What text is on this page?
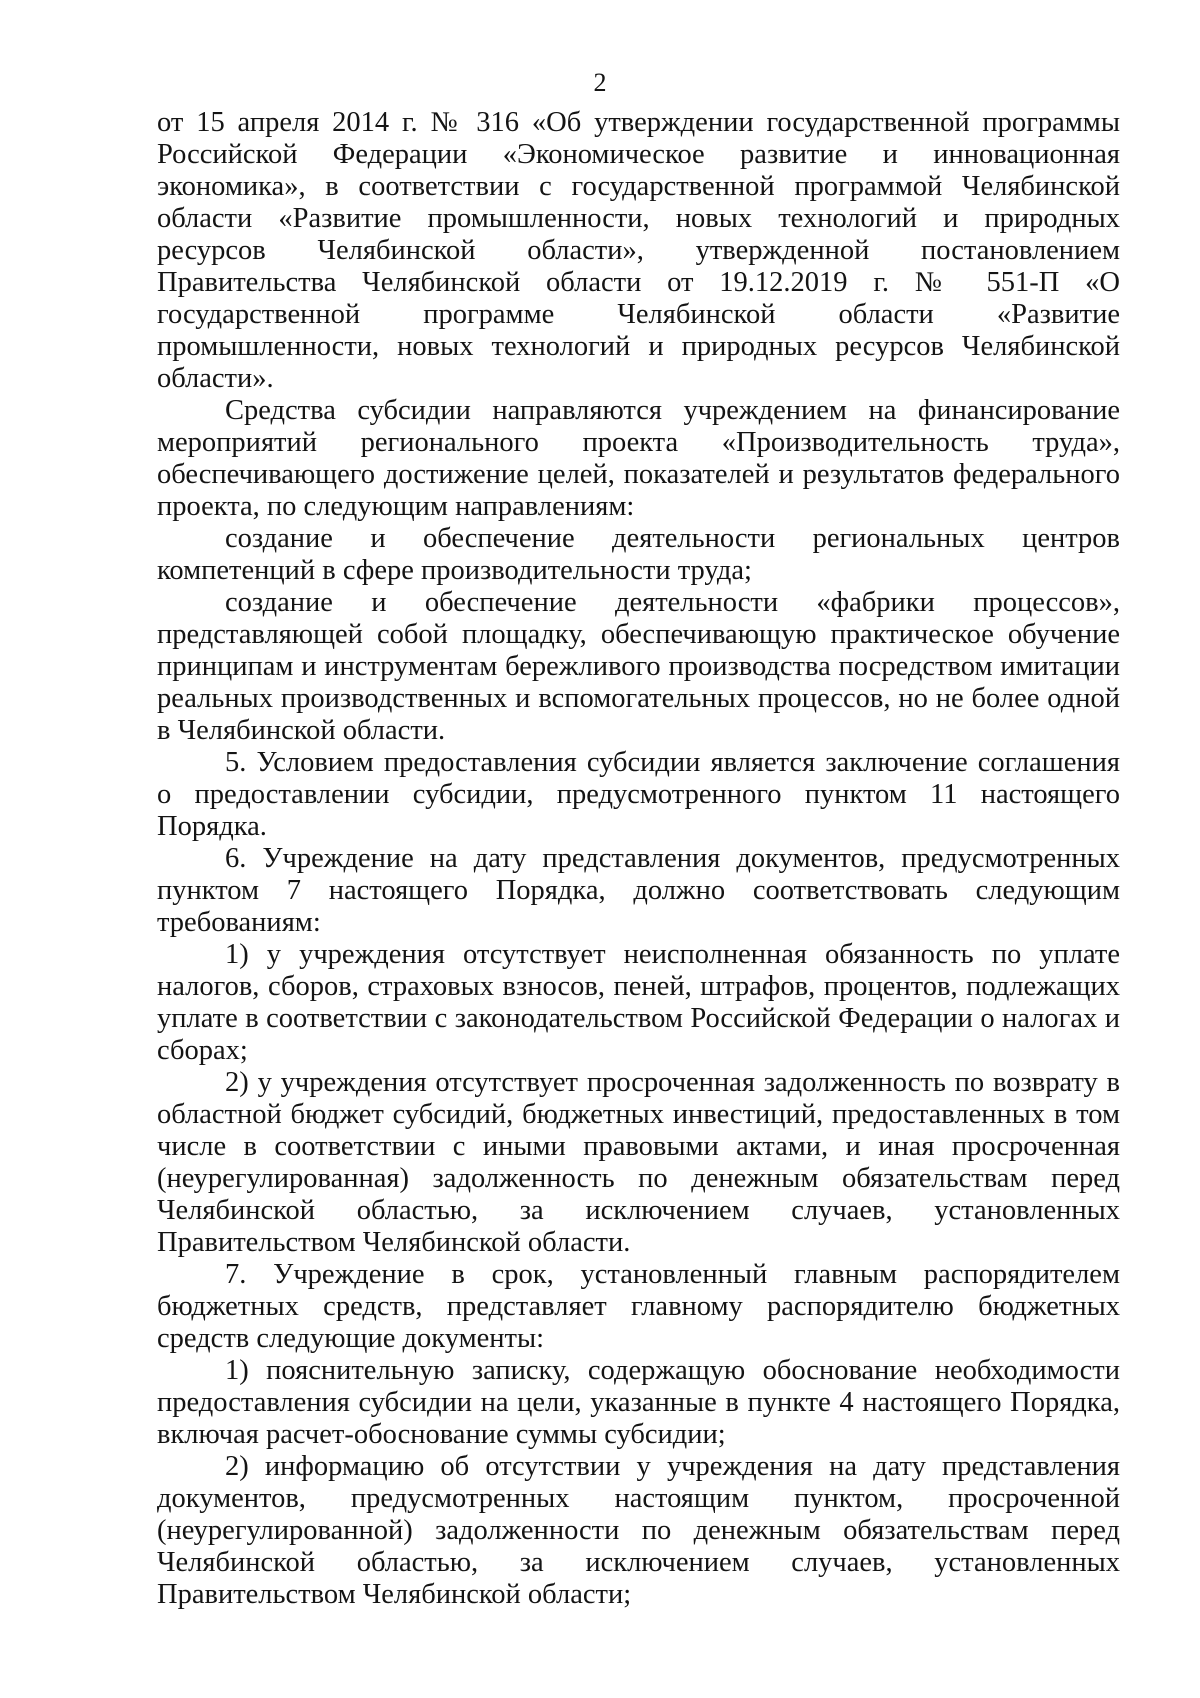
2

от 15 апреля 2014 г. № 316 «Об утверждении государственной программы Российской Федерации «Экономическое развитие и инновационная экономика», в соответствии с государственной программой Челябинской области «Развитие промышленности, новых технологий и природных ресурсов Челябинской области», утвержденной постановлением Правительства Челябинской области от 19.12.2019 г. № 551-П «О государственной программе Челябинской области «Развитие промышленности, новых технологий и природных ресурсов Челябинской области».

Средства субсидии направляются учреждением на финансирование мероприятий регионального проекта «Производительность труда», обеспечивающего достижение целей, показателей и результатов федерального проекта, по следующим направлениям:

создание и обеспечение деятельности региональных центров компетенций в сфере производительности труда;

создание и обеспечение деятельности «фабрики процессов», представляющей собой площадку, обеспечивающую практическое обучение принципам и инструментам бережливого производства посредством имитации реальных производственных и вспомогательных процессов, но не более одной в Челябинской области.

5. Условием предоставления субсидии является заключение соглашения о предоставлении субсидии, предусмотренного пунктом 11 настоящего Порядка.

6. Учреждение на дату представления документов, предусмотренных пунктом 7 настоящего Порядка, должно соответствовать следующим требованиям:

1) у учреждения отсутствует неисполненная обязанность по уплате налогов, сборов, страховых взносов, пеней, штрафов, процентов, подлежащих уплате в соответствии с законодательством Российской Федерации о налогах и сборах;

2) у учреждения отсутствует просроченная задолженность по возврату в областной бюджет субсидий, бюджетных инвестиций, предоставленных в том числе в соответствии с иными правовыми актами, и иная просроченная (неурегулированная) задолженность по денежным обязательствам перед Челябинской областью, за исключением случаев, установленных Правительством Челябинской области.

7. Учреждение в срок, установленный главным распорядителем бюджетных средств, представляет главному распорядителю бюджетных средств следующие документы:

1) пояснительную записку, содержащую обоснование необходимости предоставления субсидии на цели, указанные в пункте 4 настоящего Порядка, включая расчет-обоснование суммы субсидии;

2) информацию об отсутствии у учреждения на дату представления документов, предусмотренных настоящим пунктом, просроченной (неурегулированной) задолженности по денежным обязательствам перед Челябинской областью, за исключением случаев, установленных Правительством Челябинской области;
